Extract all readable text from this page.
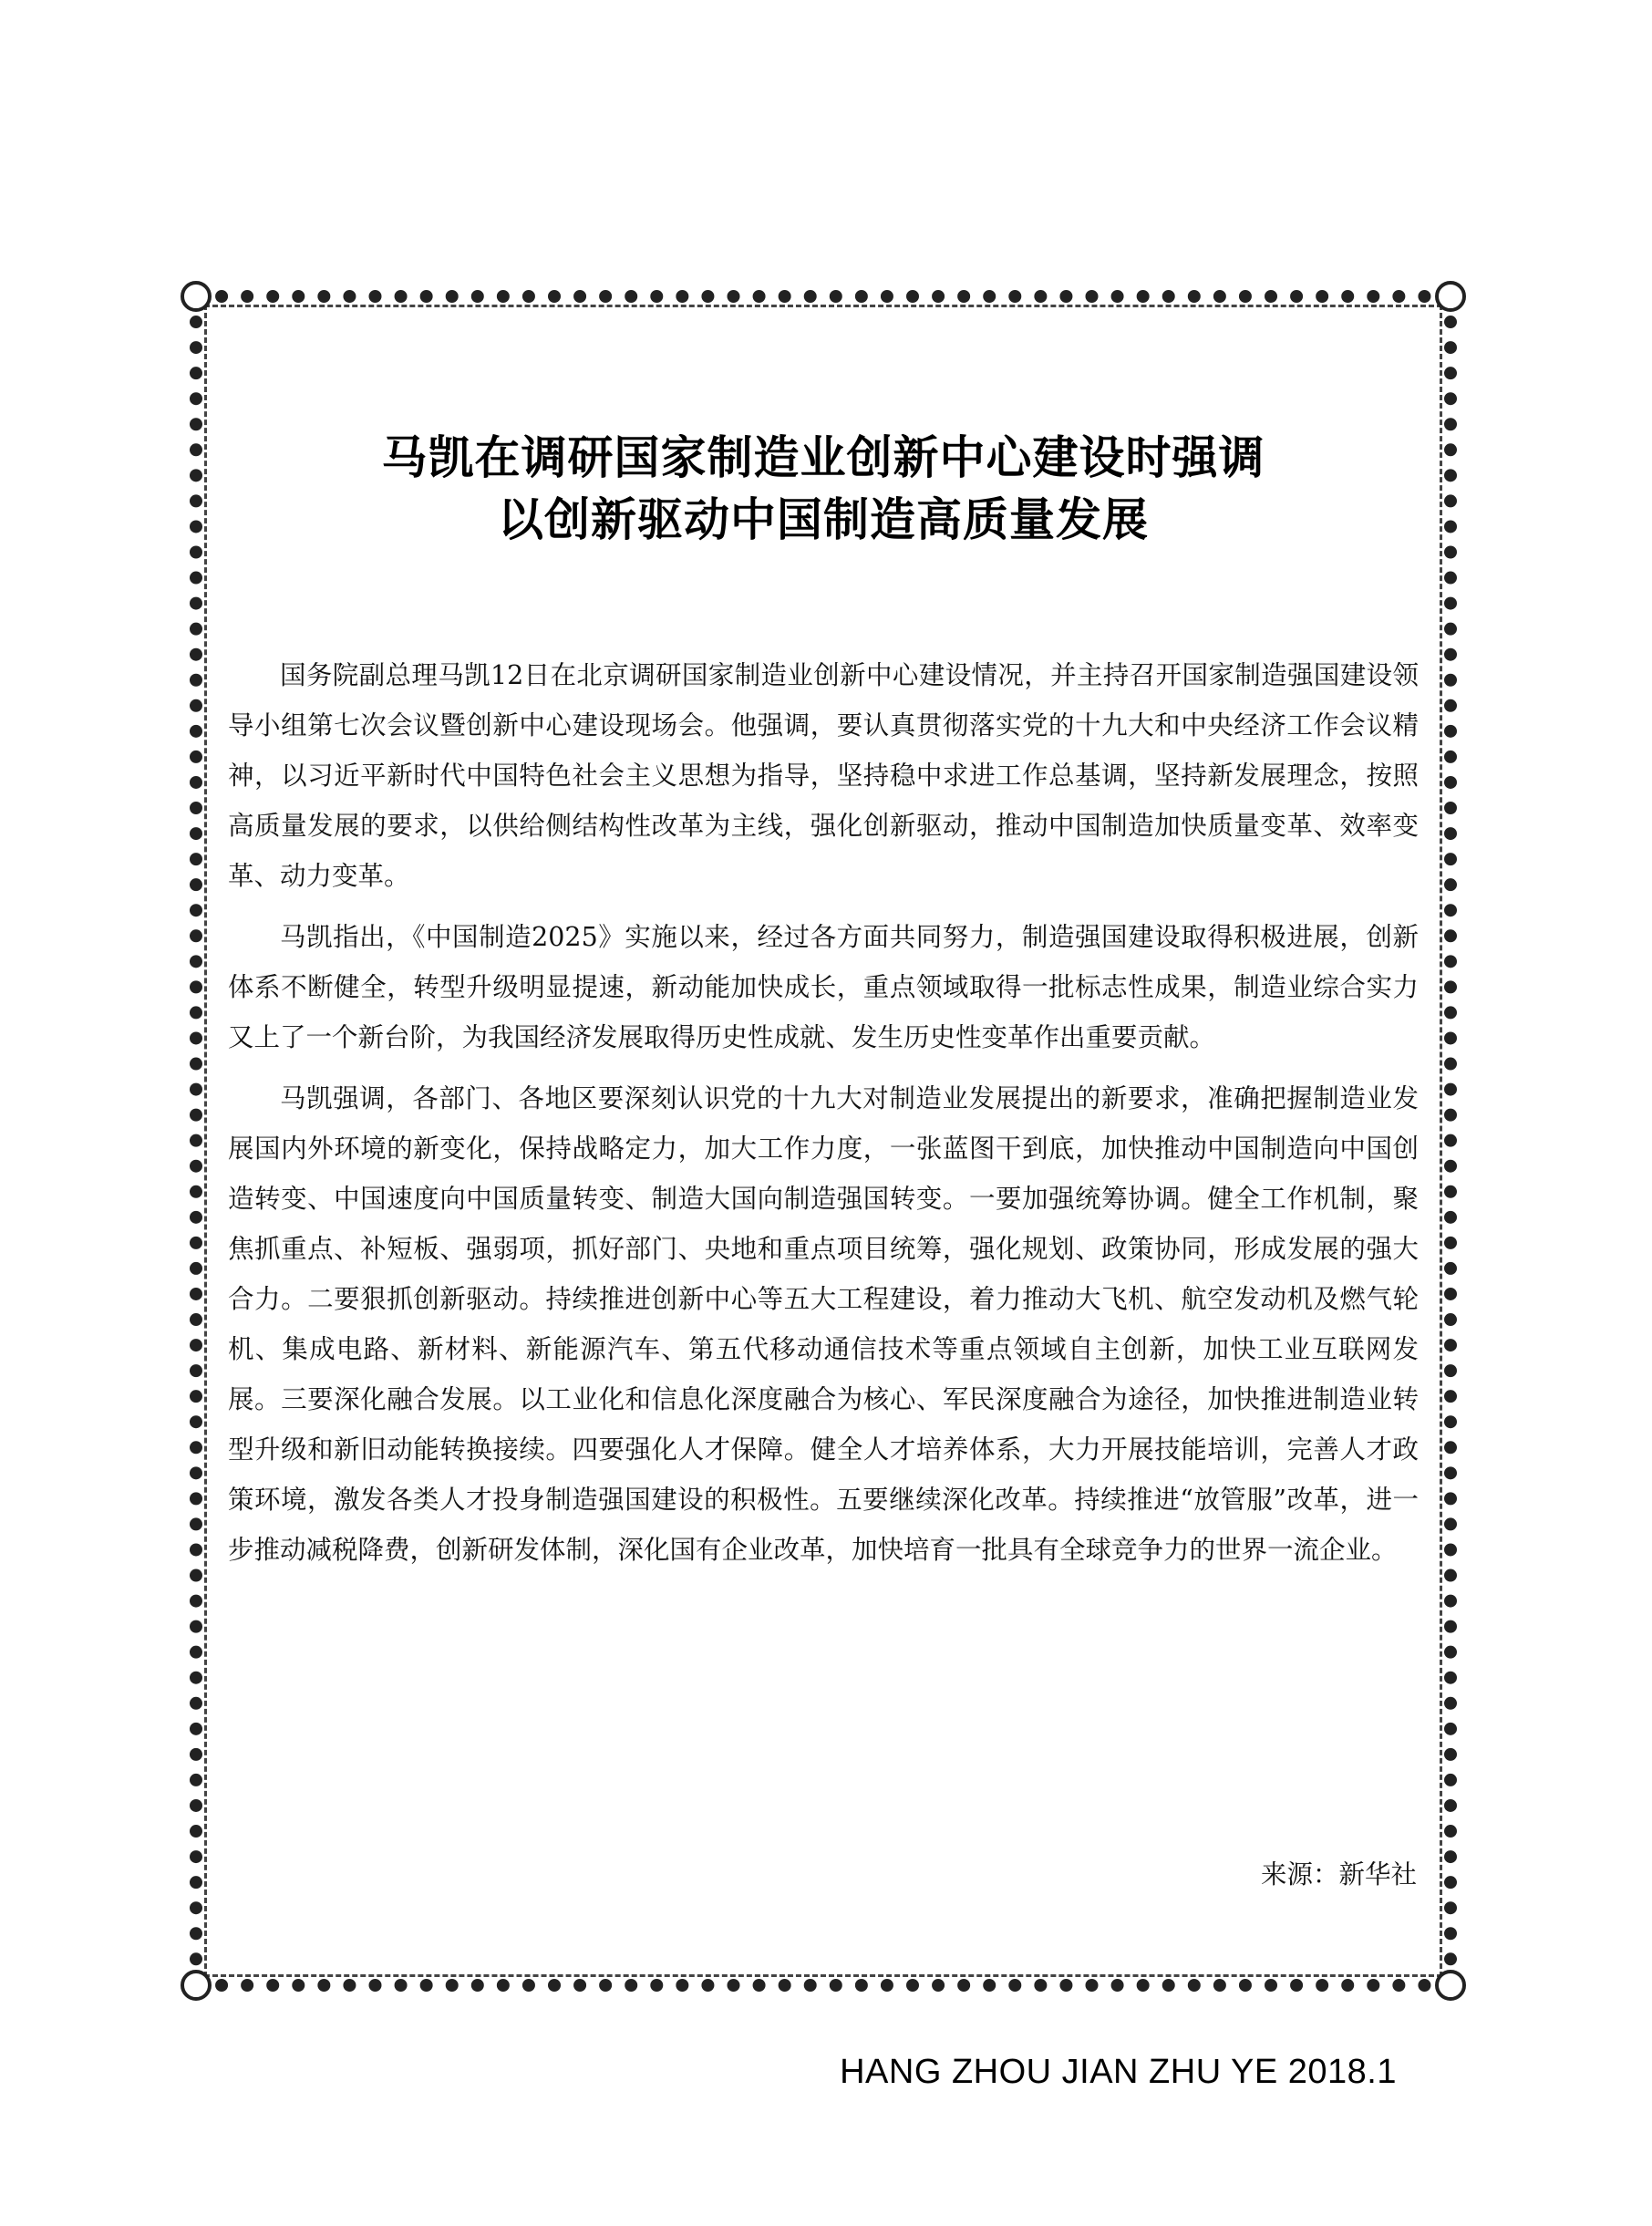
马凯在调研国家制造业创新中心建设时强调
以创新驱动中国制造高质量发展

国务院副总理马凯12日在北京调研国家制造业创新中心建设情况，并主持召开国家制造强国建设领导小组第七次会议暨创新中心建设现场会。他强调，要认真贯彻落实党的十九大和中央经济工作会议精神，以习近平新时代中国特色社会主义思想为指导，坚持稳中求进工作总基调，坚持新发展理念，按照高质量发展的要求，以供给侧结构性改革为主线，强化创新驱动，推动中国制造加快质量变革、效率变革、动力变革。

马凯指出，《中国制造2025》实施以来，经过各方面共同努力，制造强国建设取得积极进展，创新体系不断健全，转型升级明显提速，新动能加快成长，重点领域取得一批标志性成果，制造业综合实力又上了一个新台阶，为我国经济发展取得历史性成就、发生历史性变革作出重要贡献。

马凯强调，各部门、各地区要深刻认识党的十九大对制造业发展提出的新要求，准确把握制造业发展国内外环境的新变化，保持战略定力，加大工作力度，一张蓝图干到底，加快推动中国制造向中国创造转变、中国速度向中国质量转变、制造大国向制造强国转变。一要加强统筹协调。健全工作机制，聚焦抓重点、补短板、强弱项，抓好部门、央地和重点项目统筹，强化规划、政策协同，形成发展的强大合力。二要狠抓创新驱动。持续推进创新中心等五大工程建设，着力推动大飞机、航空发动机及燃气轮机、集成电路、新材料、新能源汽车、第五代移动通信技术等重点领域自主创新，加快工业互联网发展。三要深化融合发展。以工业化和信息化深度融合为核心、军民深度融合为途径，加快推进制造业转型升级和新旧动能转换接续。四要强化人才保障。健全人才培养体系，大力开展技能培训，完善人才政策环境，激发各类人才投身制造强国建设的积极性。五要继续深化改革。持续推进“放管服”改革，进一步推动减税降费，创新研发体制，深化国有企业改革，加快培育一批具有全球竞争力的世界一流企业。

来源：新华社
HANG ZHOU JIAN ZHU YE 2018.1
